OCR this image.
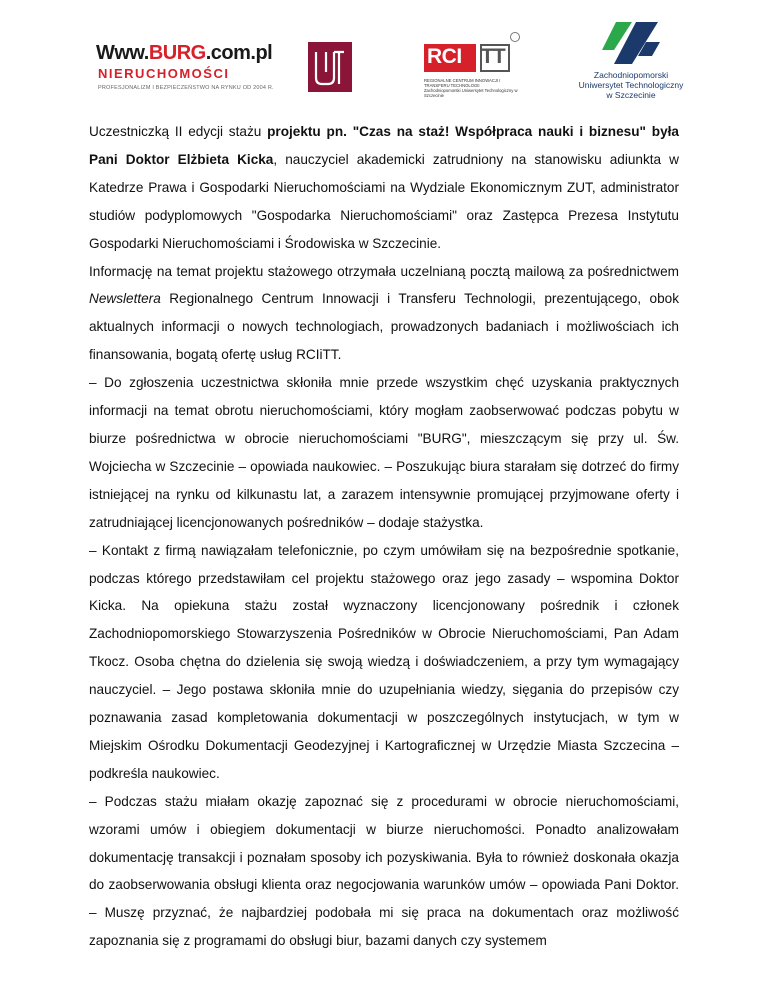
Www.BURG.com.pl
NIERUCHOMOŚCI
PROFESJONALIZM I BEZPIECZEŃSTWO NA RYNKU OD 2004 R.
RCI TT
REGIONALNE CENTRUM INNOWACJI I TRANSFERU TECHNOLOGII
Zachodniopomorski Uniwersytet Technologiczny w Szczecinie
Zachodniopomorski
Uniwersytet Technologiczny
w Szczecinie

Uczestniczką II edycji stażu projektu pn. "Czas na staż! Współpraca nauki i biznesu" była Pani Doktor Elżbieta Kicka, nauczyciel akademicki zatrudniony na stanowisku adiunkta w Katedrze Prawa i Gospodarki Nieruchomościami na Wydziale Ekonomicznym ZUT, administrator studiów podyplomowych "Gospodarka Nieruchomościami" oraz Zastępca Prezesa Instytutu Gospodarki Nieruchomościami i Środowiska w Szczecinie.

Informację na temat projektu stażowego otrzymała uczelnianą pocztą mailową za pośrednictwem Newslettera Regionalnego Centrum Innowacji i Transferu Technologii, prezentującego, obok aktualnych informacji o nowych technologiach, prowadzonych badaniach i możliwościach ich finansowania, bogatą ofertę usług RCIiTT.

– Do zgłoszenia uczestnictwa skłoniła mnie przede wszystkim chęć uzyskania praktycznych informacji na temat obrotu nieruchomościami, który mogłam zaobserwować podczas pobytu w biurze pośrednictwa w obrocie nieruchomościami "BURG", mieszczącym się przy ul. Św. Wojciecha w Szczecinie – opowiada naukowiec. – Poszukując biura starałam się dotrzeć do firmy istniejącej na rynku od kilkunastu lat, a zarazem intensywnie promującej przyjmowane oferty i zatrudniającej licencjonowanych pośredników – dodaje stażystka.

– Kontakt z firmą nawiązałam telefonicznie, po czym umówiłam się na bezpośrednie spotkanie, podczas którego przedstawiłam cel projektu stażowego oraz jego zasady – wspomina Doktor Kicka. Na opiekuna stażu został wyznaczony licencjonowany pośrednik i członek Zachodniopomorskiego Stowarzyszenia Pośredników w Obrocie Nieruchomościami, Pan Adam Tkocz. Osoba chętna do dzielenia się swoją wiedzą i doświadczeniem, a przy tym wymagający nauczyciel. – Jego postawa skłoniła mnie do uzupełniania wiedzy, sięgania do przepisów czy poznawania zasad kompletowania dokumentacji w poszczególnych instytucjach, w tym w Miejskim Ośrodku Dokumentacji Geodezyjnej i Kartograficznej w Urzędzie Miasta Szczecina – podkreśla naukowiec.

– Podczas stażu miałam okazję zapoznać się z procedurami w obrocie nieruchomościami, wzorami umów i obiegiem dokumentacji w biurze nieruchomości. Ponadto analizowałam dokumentację transakcji i poznałam sposoby ich pozyskiwania. Była to również doskonała okazja do zaobserwowania obsługi klienta oraz negocjowania warunków umów – opowiada Pani Doktor. – Muszę przyznać, że najbardziej podobała mi się praca na dokumentach oraz możliwość zapoznania się z programami do obsługi biur, bazami danych czy systemem
